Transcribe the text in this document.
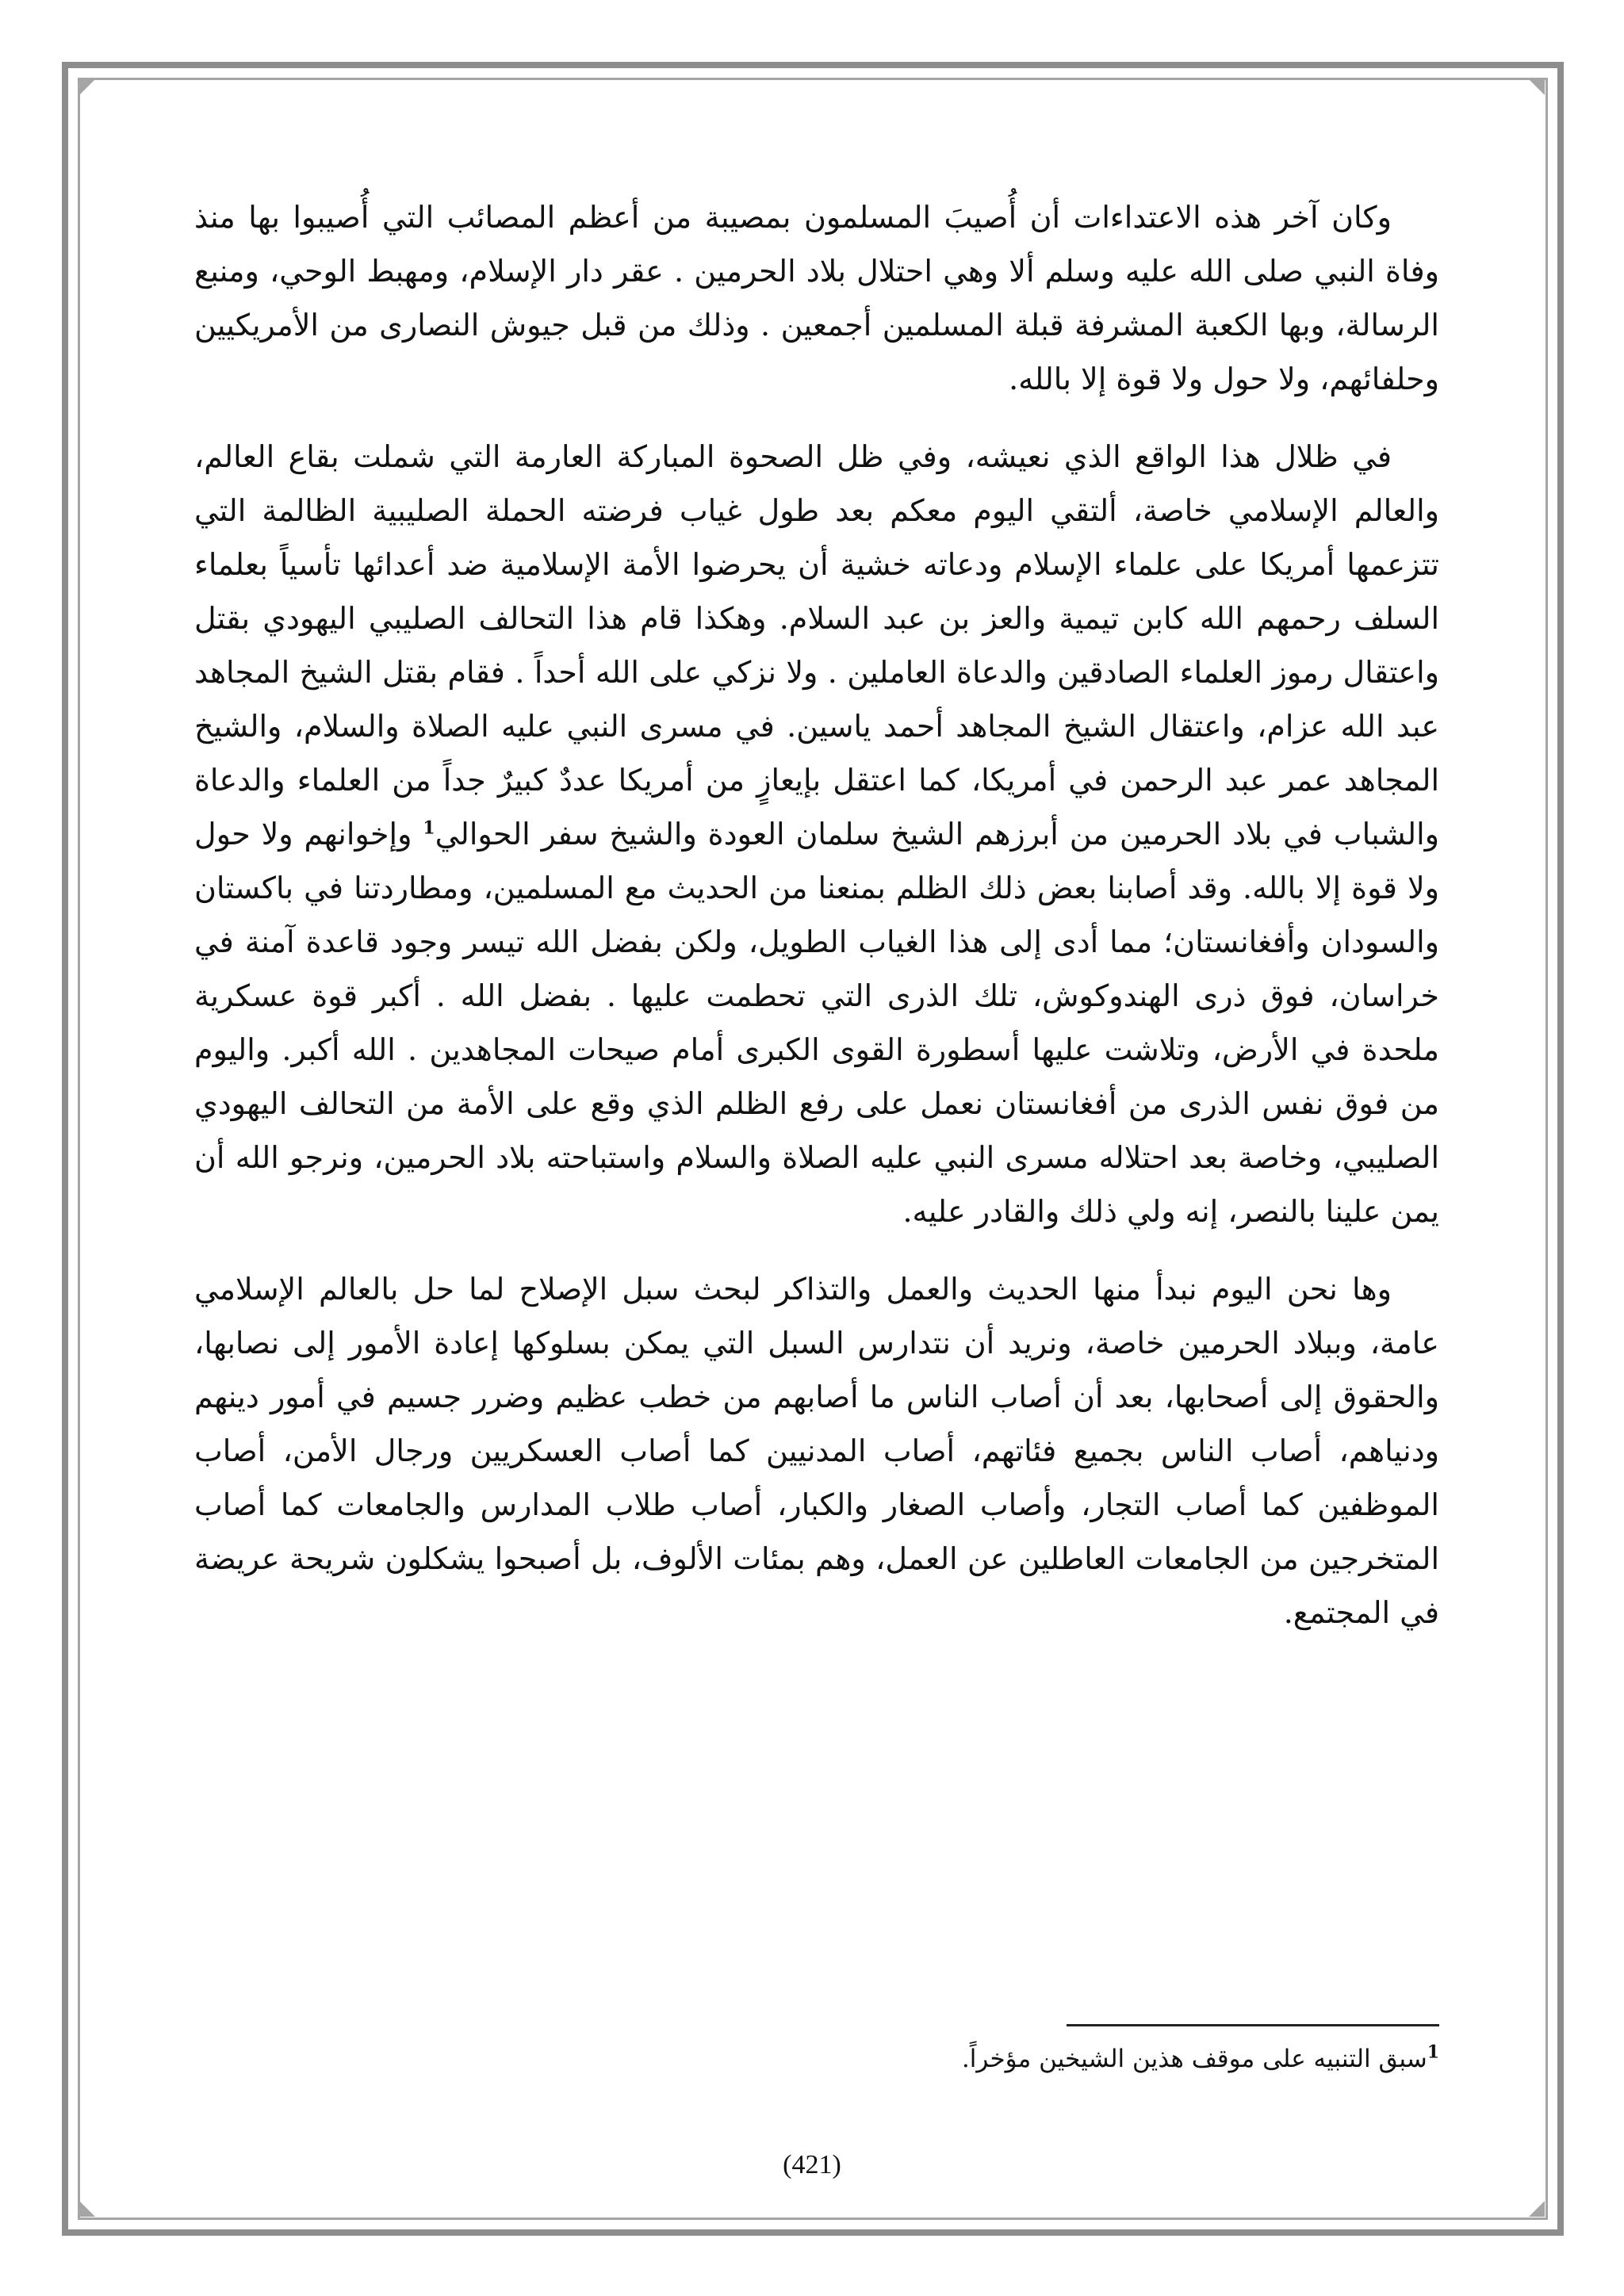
وكان آخر هذه الاعتداءات أن أُصيبَ المسلمون بمصيبة من أعظم المصائب التي أُصيبوا بها منذ وفاة النبي صلى الله عليه وسلم ألا وهي احتلال بلاد الحرمين . عقر دار الإسلام، ومهبط الوحي، ومنبع الرسالة، وبها الكعبة المشرفة قبلة المسلمين أجمعين . وذلك من قبل جيوش النصارى من الأمريكيين وحلفائهم، ولا حول ولا قوة إلا بالله.

في ظلال هذا الواقع الذي نعيشه، وفي ظل الصحوة المباركة العارمة التي شملت بقاع العالم، والعالم الإسلامي خاصة، ألتقي اليوم معكم بعد طول غياب فرضته الحملة الصليبية الظالمة التي تتزعمها أمريكا على علماء الإسلام ودعاته خشية أن يحرضوا الأمة الإسلامية ضد أعدائها تأسياً بعلماء السلف رحمهم الله كابن تيمية والعز بن عبد السلام. وهكذا قام هذا التحالف الصليبي اليهودي بقتل واعتقال رموز العلماء الصادقين والدعاة العاملين . ولا نزكي على الله أحداً . فقام بقتل الشيخ المجاهد عبد الله عزام، واعتقال الشيخ المجاهد أحمد ياسين. في مسرى النبي عليه الصلاة والسلام، والشيخ المجاهد عمر عبد الرحمن في أمريكا، كما اعتقل بإيعازٍ من أمريكا عددٌ كبيرٌ جداً من العلماء والدعاة والشباب في بلاد الحرمين من أبرزهم الشيخ سلمان العودة والشيخ سفر الحوالي$^1$ وإخوانهم ولا حول ولا قوة إلا بالله. وقد أصابنا بعض ذلك الظلم بمنعنا من الحديث مع المسلمين، ومطاردتنا في باكستان والسودان وأفغانستان؛ مما أدى إلى هذا الغياب الطويل، ولكن بفضل الله تيسر وجود قاعدة آمنة في خراسان، فوق ذرى الهندوكوش، تلك الذرى التي تحطمت عليها . بفضل الله . أكبر قوة عسكرية ملحدة في الأرض، وتلاشت عليها أسطورة القوى الكبرى أمام صيحات المجاهدين . الله أكبر. واليوم من فوق نفس الذرى من أفغانستان نعمل على رفع الظلم الذي وقع على الأمة من التحالف اليهودي الصليبي، وخاصة بعد احتلاله مسرى النبي عليه الصلاة والسلام واستباحته بلاد الحرمين، ونرجو الله أن يمن علينا بالنصر، إنه ولي ذلك والقادر عليه.

وها نحن اليوم نبدأ منها الحديث والعمل والتذاكر لبحث سبل الإصلاح لما حل بالعالم الإسلامي عامة، وببلاد الحرمين خاصة، ونريد أن نتدارس السبل التي يمكن بسلوكها إعادة الأمور إلى نصابها، والحقوق إلى أصحابها، بعد أن أصاب الناس ما أصابهم من خطب عظيم وضرر جسيم في أمور دينهم ودنياهم، أصاب الناس بجميع فئاتهم، أصاب المدنيين كما أصاب العسكريين ورجال الأمن، أصاب الموظفين كما أصاب التجار، وأصاب الصغار والكبار، أصاب طلاب المدارس والجامعات كما أصاب المتخرجين من الجامعات العاطلين عن العمل، وهم بمئات الألوف، بل أصبحوا يشكلون شريحة عريضة في المجتمع.

$^1$سبق التنبيه على موقف هذين الشيخين مؤخراً.
(421)
